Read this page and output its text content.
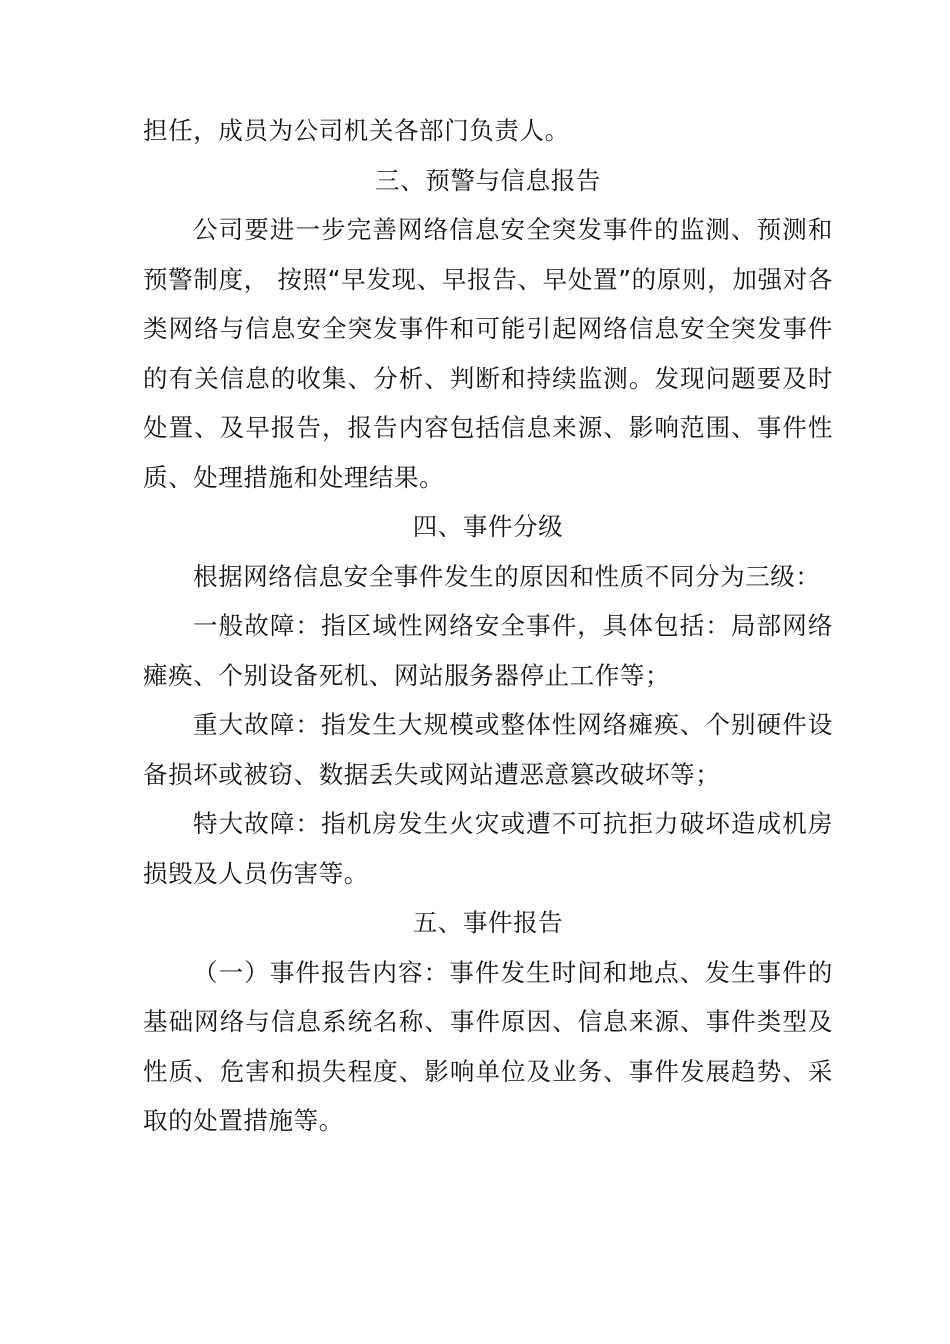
担任，成员为公司机关各部门负责人。

三、预警与信息报告

公司要进一步完善网络信息安全突发事件的监测、预测和预警制度， 按照“早发现、早报告、早处置”的原则，加强对各类网络与信息安全突发事件和可能引起网络信息安全突发事件的有关信息的收集、分析、判断和持续监测。发现问题要及时处置、及早报告，报告内容包括信息来源、影响范围、事件性质、处理措施和处理结果。

四、事件分级

根据网络信息安全事件发生的原因和性质不同分为三级：

一般故障：指区域性网络安全事件，具体包括：局部网络瘫痪、个别设备死机、网站服务器停止工作等；

重大故障：指发生大规模或整体性网络瘫痪、个别硬件设备损坏或被窃、数据丢失或网站遭恶意篡改破坏等；

特大故障：指机房发生火灾或遭不可抗拒力破坏造成机房损毁及人员伤害等。

五、事件报告

（一）事件报告内容：事件发生时间和地点、发生事件的基础网络与信息系统名称、事件原因、信息来源、事件类型及性质、危害和损失程度、影响单位及业务、事件发展趋势、采取的处置措施等。
